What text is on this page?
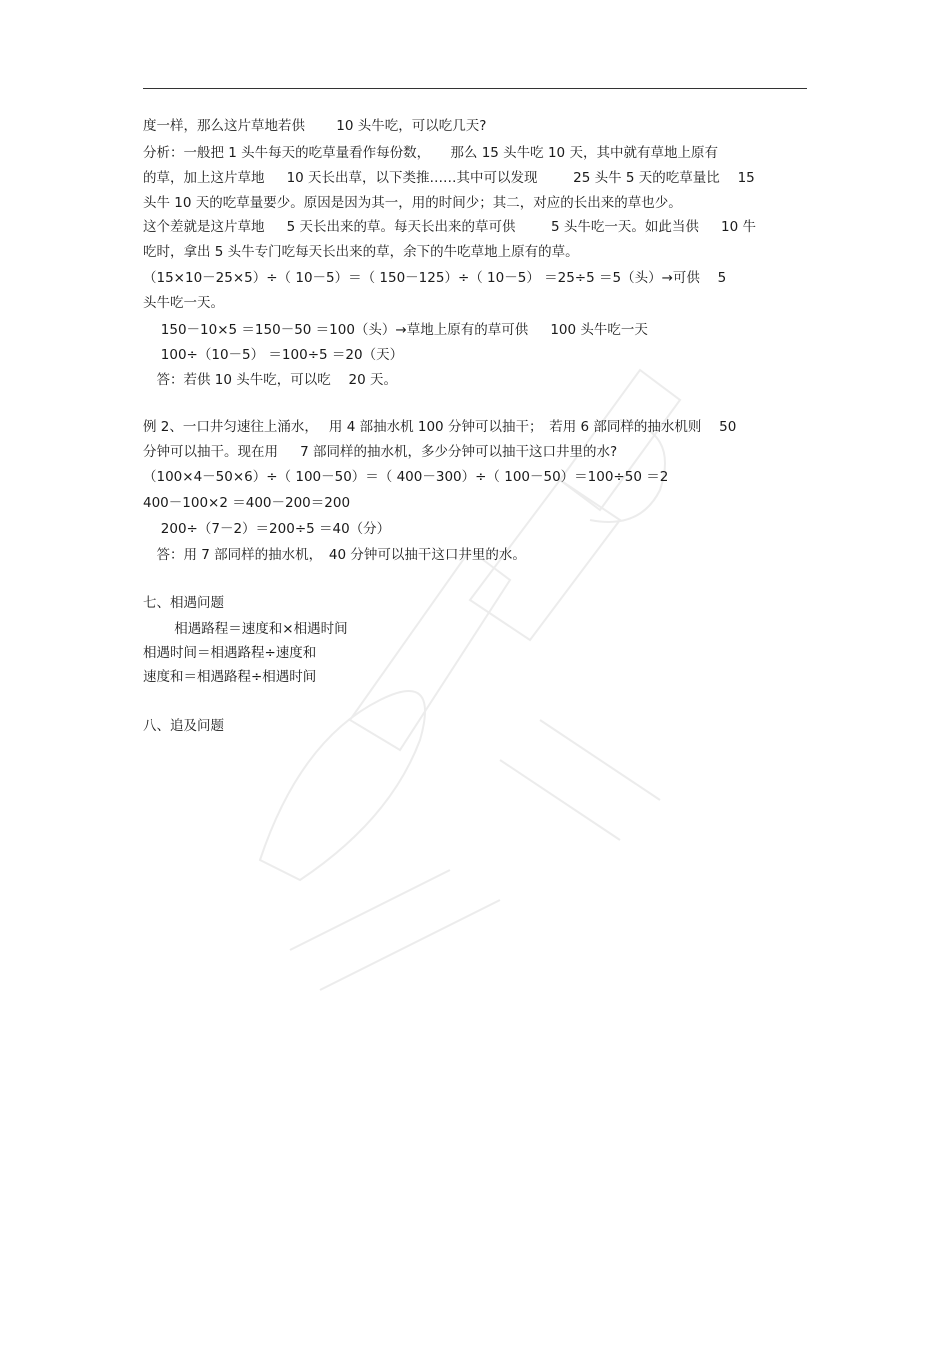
度一样，那么这片草地若供 　　10 头牛吃，可以吃几天?
分析：一般把 1 头牛每天的吃草量看作每份数，　　那么 15 头牛吃 10 天，其中就有草地上原有
的草，加上这片草地 　 10 天长出草，以下类推……其中可以发现 　　 25 头牛 5 天的吃草量比 　15
头牛 10 天的吃草量要少。原因是因为其一，用的时间少；其二，对应的长出来的草也少。
这个差就是这片草地 　 5 天长出来的草。每天长出来的草可供 　　 5 头牛吃一天。如此当供 　 10 牛
吃时，拿出 5 头牛专门吃每天长出来的草，余下的牛吃草地上原有的草。
（15×10－25×5）÷（ 10－5）＝（ 150－125）÷（ 10－5） ＝25÷5 ＝5（头）→可供 　5
头牛吃一天。
　 150－10×5 ＝150－50 ＝100（头）→草地上原有的草可供 　 100 头牛吃一天
　 100÷（10－5） ＝100÷5 ＝20（天）
　答：若供 10 头牛吃，可以吃 　20 天。
例 2、一口井匀速往上涌水，　 用 4 部抽水机 100 分钟可以抽干；　若用 6 部同样的抽水机则 　50
分钟可以抽干。现在用 　 7 部同样的抽水机，多少分钟可以抽干这口井里的水?
（100×4－50×6）÷（ 100－50）＝（ 400－300）÷（ 100－50）＝100÷50 ＝2
400－100×2 ＝400－200＝200
　 200÷（7－2）＝200÷5 ＝40（分）
　答：用 7 部同样的抽水机，　40 分钟可以抽干这口井里的水。
七、相遇问题
　　 相遇路程＝速度和×相遇时间
相遇时间＝相遇路程÷速度和
速度和＝相遇路程÷相遇时间
八、追及问题
